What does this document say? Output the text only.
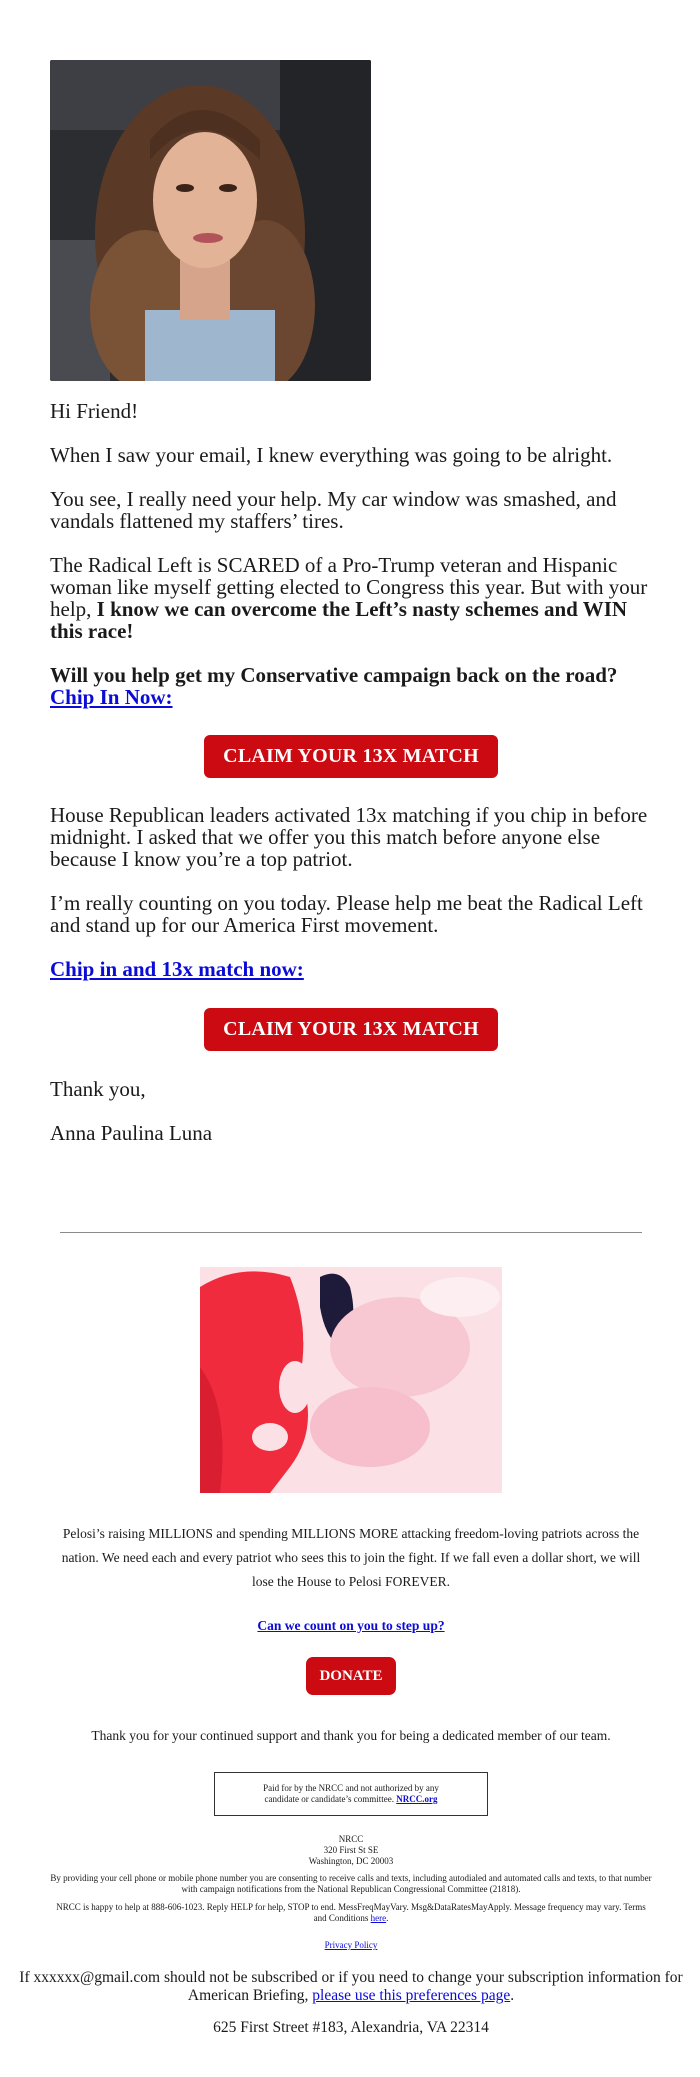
Hi Friend!
When I saw your email, I knew everything was going to be alright.
You see, I really need your help. My car window was smashed, and vandals flattened my staffers’ tires.
The Radical Left is SCARED of a Pro-Trump veteran and Hispanic woman like myself getting elected to Congress this year. But with your help, I know we can overcome the Left’s nasty schemes and WIN this race!
Will you help get my Conservative campaign back on the road? Chip In Now:
CLAIM YOUR 13X MATCH
House Republican leaders activated 13x matching if you chip in before midnight. I asked that we offer you this match before anyone else because I know you’re a top patriot.
I’m really counting on you today. Please help me beat the Radical Left and stand up for our America First movement.
Chip in and 13x match now:
CLAIM YOUR 13X MATCH
Thank you,
Anna Paulina Luna
Pelosi’s raising MILLIONS and spending MILLIONS MORE attacking freedom-loving patriots across the nation. We need each and every patriot who sees this to join the fight. If we fall even a dollar short, we will lose the House to Pelosi FOREVER.
Can we count on you to step up?
DONATE
Thank you for your continued support and thank you for being a dedicated member of our team.
Paid for by the NRCC and not authorized by any
candidate or candidate’s committee. NRCC.org
NRCC
320 First St SE
Washington, DC 20003
By providing your cell phone or mobile phone number you are consenting to receive calls and texts, including autodialed and automated calls and texts, to that number with campaign notifications from the National Republican Congressional Committee (21818).
NRCC is happy to help at 888-606-1023. Reply HELP for help, STOP to end. MessFreqMayVary. Msg&DataRatesMayApply. Message frequency may vary. Terms and Conditions here.
Privacy Policy
If xxxxxx@gmail.com should not be subscribed or if you need to change your subscription information for American Briefing, please use this preferences page.
625 First Street #183, Alexandria, VA 22314
